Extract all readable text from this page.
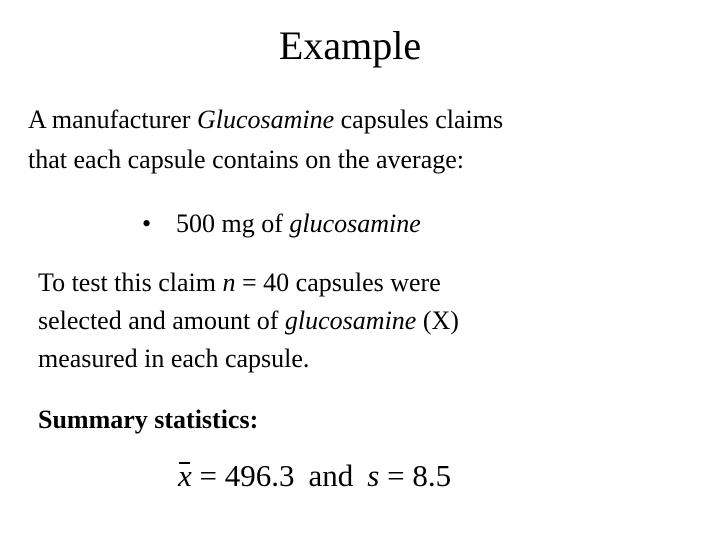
Example
A manufacturer Glucosamine capsules claims
that each capsule contains on the average:
• 500 mg of glucosamine
To test this claim n = 40 capsules were
selected and amount of glucosamine (X)
measured in each capsule.
Summary statistics:
x = 496.3 and s = 8.5
